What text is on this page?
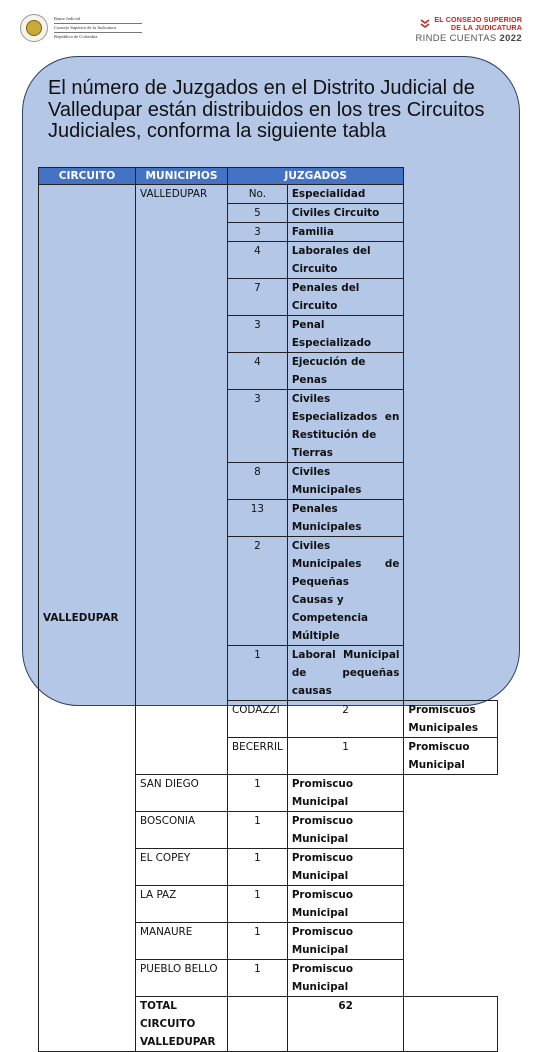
Rama Judicial
Consejo Superior de la Judicatura
República de Colombia
EL CONSEJO SUPERIOR
DE LA JUDICATURA
RINDE CUENTAS 2022

El número de Juzgados en el Distrito Judicial de Valledupar están distribuidos en los tres Circuitos Judiciales, conforma la siguiente tabla

CIRCUITO	MUNICIPIOS	JUZGADOS		
VALLEDUPAR	VALLEDUPAR	No.	Especialidad	
		5	Civiles Circuito	
		3	Familia	
		4	Laborales del Circuito	
		7	Penales del Circuito	
		3	Penal Especializado	
		4	Ejecución de Penas	
		3	Civiles Especializados en
Restitución de Tierras	

		8	Civiles Municipales	
		13	Penales Municipales	
		2	Civiles Municipales de Pequeñas
Causas y Competencia Múltiple	

		1	Laboral Municipal de pequeñas
causas	

		CODAZZI	2	Promiscuos Municipales
		BECERRIL	1	Promiscuo Municipal
	SAN DIEGO	1	Promiscuo Municipal	
	BOSCONIA	1	Promiscuo Municipal	
	EL COPEY	1	Promiscuo Municipal	
	LA PAZ	1	Promiscuo Municipal	
	MANAURE	1	Promiscuo Municipal	
	PUEBLO BELLO	1	Promiscuo Municipal	

	TOTAL
CIRCUITO
VALLEDUPAR		62	
